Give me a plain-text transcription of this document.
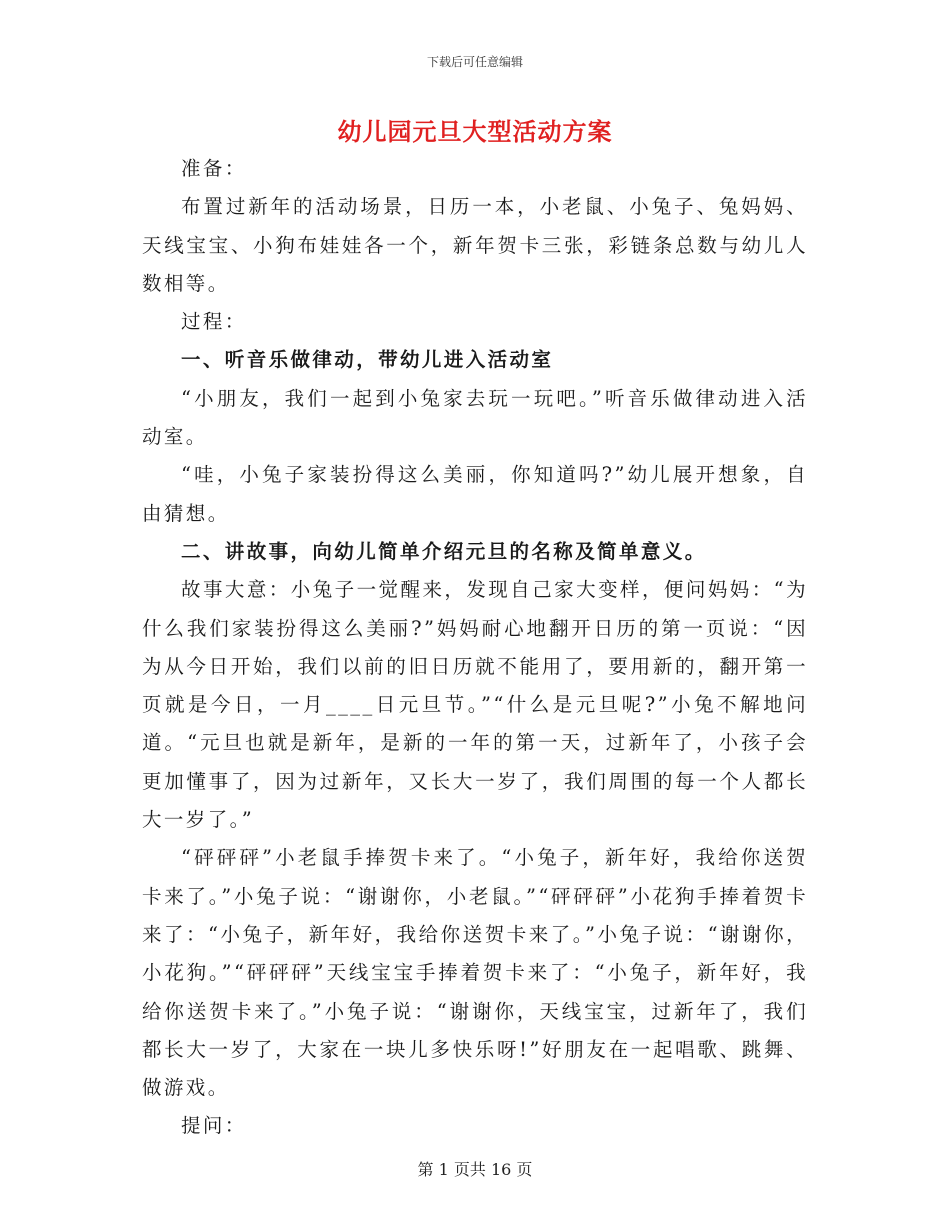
下载后可任意编辑
幼儿园元旦大型活动方案

准备：

布置过新年的活动场景，日历一本，小老鼠、小兔子、兔妈妈、天线宝宝、小狗布娃娃各一个，新年贺卡三张，彩链条总数与幼儿人数相等。

过程：

一、听音乐做律动，带幼儿进入活动室

“小朋友，我们一起到小兔家去玩一玩吧。”听音乐做律动进入活动室。

“哇，小兔子家装扮得这么美丽，你知道吗?”幼儿展开想象，自由猜想。

二、讲故事，向幼儿简单介绍元旦的名称及简单意义。

故事大意：小兔子一觉醒来，发现自己家大变样，便问妈妈：“为什么我们家装扮得这么美丽?”妈妈耐心地翻开日历的第一页说：“因为从今日开始，我们以前的旧日历就不能用了，要用新的，翻开第一页就是今日，一月____日元旦节。”“什么是元旦呢?”小兔不解地问道。“元旦也就是新年，是新的一年的第一天，过新年了，小孩子会更加懂事了，因为过新年，又长大一岁了，我们周围的每一个人都长大一岁了。”

“砰砰砰”小老鼠手捧贺卡来了。“小兔子，新年好，我给你送贺卡来了。”小兔子说：“谢谢你，小老鼠。”“砰砰砰”小花狗手捧着贺卡来了：“小兔子，新年好，我给你送贺卡来了。”小兔子说：“谢谢你，小花狗。”“砰砰砰”天线宝宝手捧着贺卡来了：“小兔子，新年好，我给你送贺卡来了。”小兔子说：“谢谢你，天线宝宝，过新年了，我们都长大一岁了，大家在一块儿多快乐呀!”好朋友在一起唱歌、跳舞、做游戏。

提问：

第 1 页共 16 页
